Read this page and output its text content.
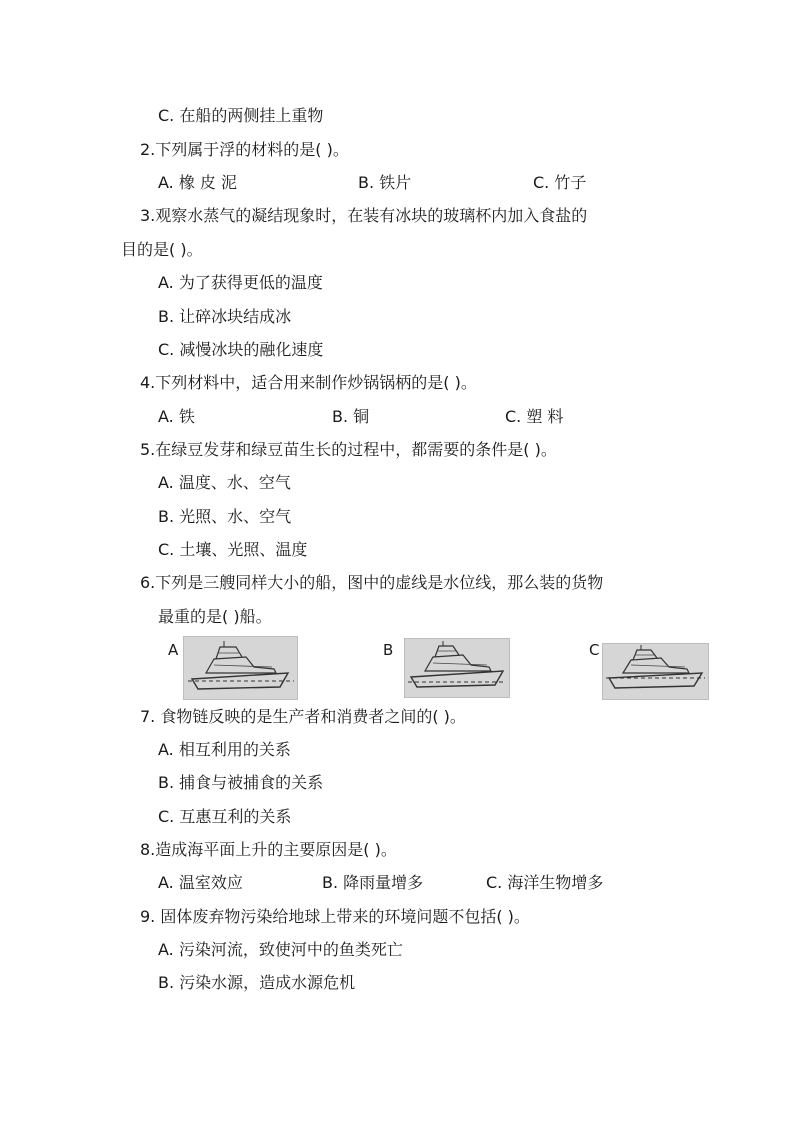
C. 在船的两侧挂上重物
2.下列属于浮的材料的是( )。
A. 橡 皮 泥	B. 铁片	C. 竹子
3.观察水蒸气的凝结现象时，在装有冰块的玻璃杯内加入食盐的
目的是( )。
A. 为了获得更低的温度
B. 让碎冰块结成冰
C. 减慢冰块的融化速度
4.下列材料中，适合用来制作炒锅锅柄的是( )。
A. 铁	B. 铜	C. 塑 料
5.在绿豆发芽和绿豆苗生长的过程中，都需要的条件是( )。
A. 温度、水、空气
B. 光照、水、空气
C. 土壤、光照、温度
6.下列是三艘同样大小的船，图中的虚线是水位线，那么装的货物
最重的是( )船。
A	B	C
7. 食物链反映的是生产者和消费者之间的( )。
A. 相互利用的关系
B. 捕食与被捕食的关系
C. 互惠互利的关系
8.造成海平面上升的主要原因是( )。
A. 温室效应	B. 降雨量增多	C. 海洋生物增多
9. 固体废弃物污染给地球上带来的环境问题不包括( )。
A. 污染河流，致使河中的鱼类死亡
B. 污染水源，造成水源危机
